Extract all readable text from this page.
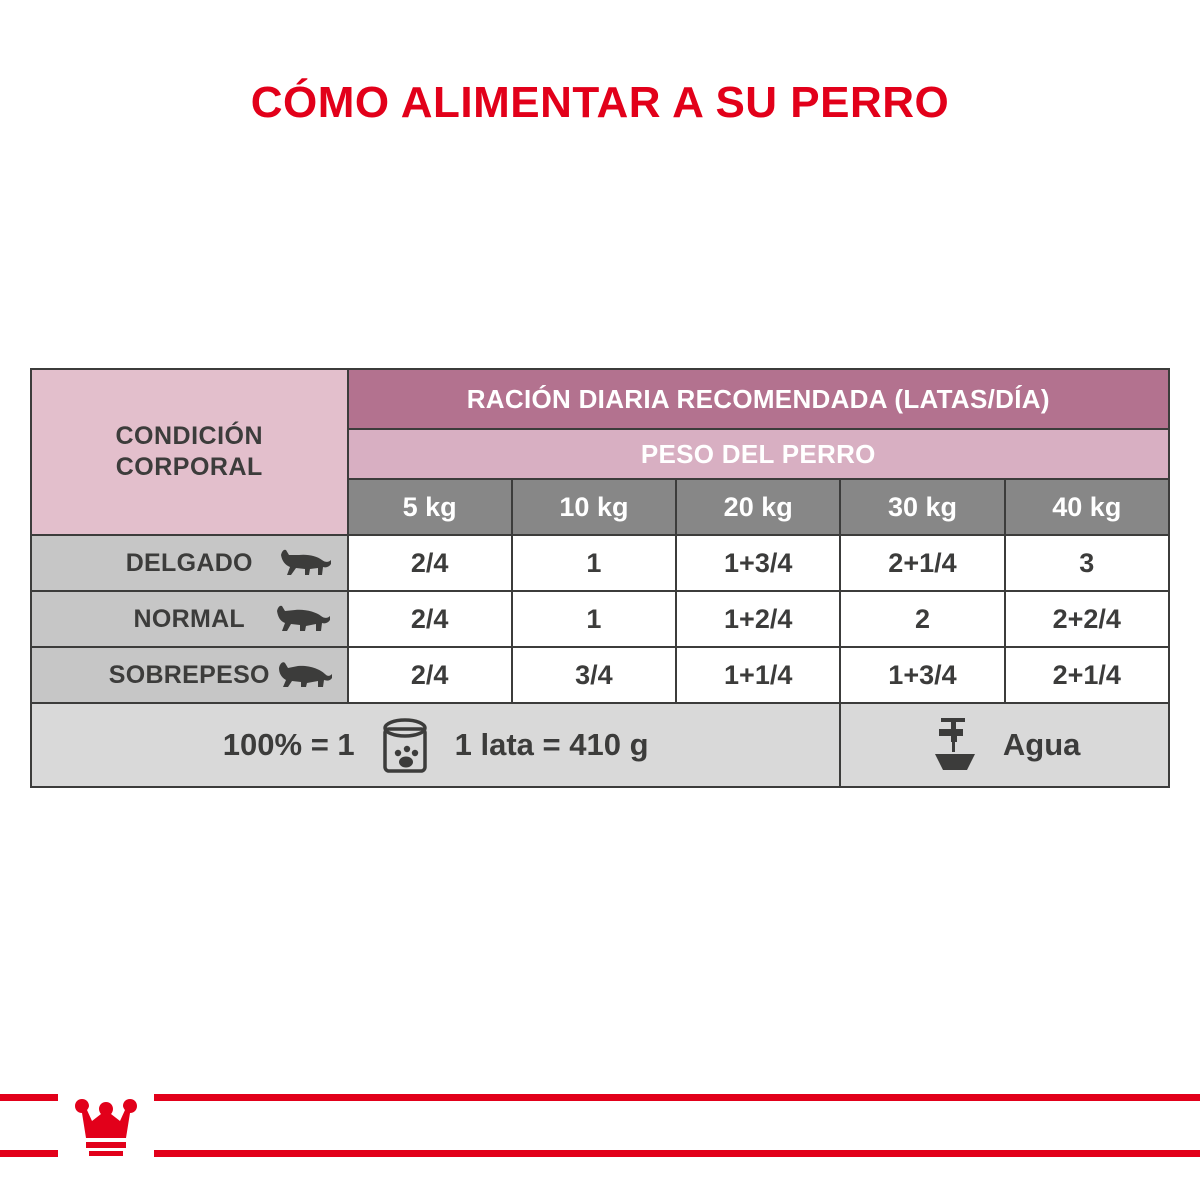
CÓMO ALIMENTAR A SU PERRO
CONDICIÓN
CORPORAL	RACIÓN DIARIA RECOMENDADA (LATAS/DÍA)				
	PESO DEL PERRO				
	5 kg	10 kg	20 kg	30 kg	40 kg
DELGADO	2/4	1	1+3/4	2+1/4	3
NORMAL	2/4	1	1+2/4	2	2+2/4
SOBREPESO	2/4	3/4	1+1/4	1+3/4	2+1/4

100% = 1 1 lata = 410 g				Agua	
